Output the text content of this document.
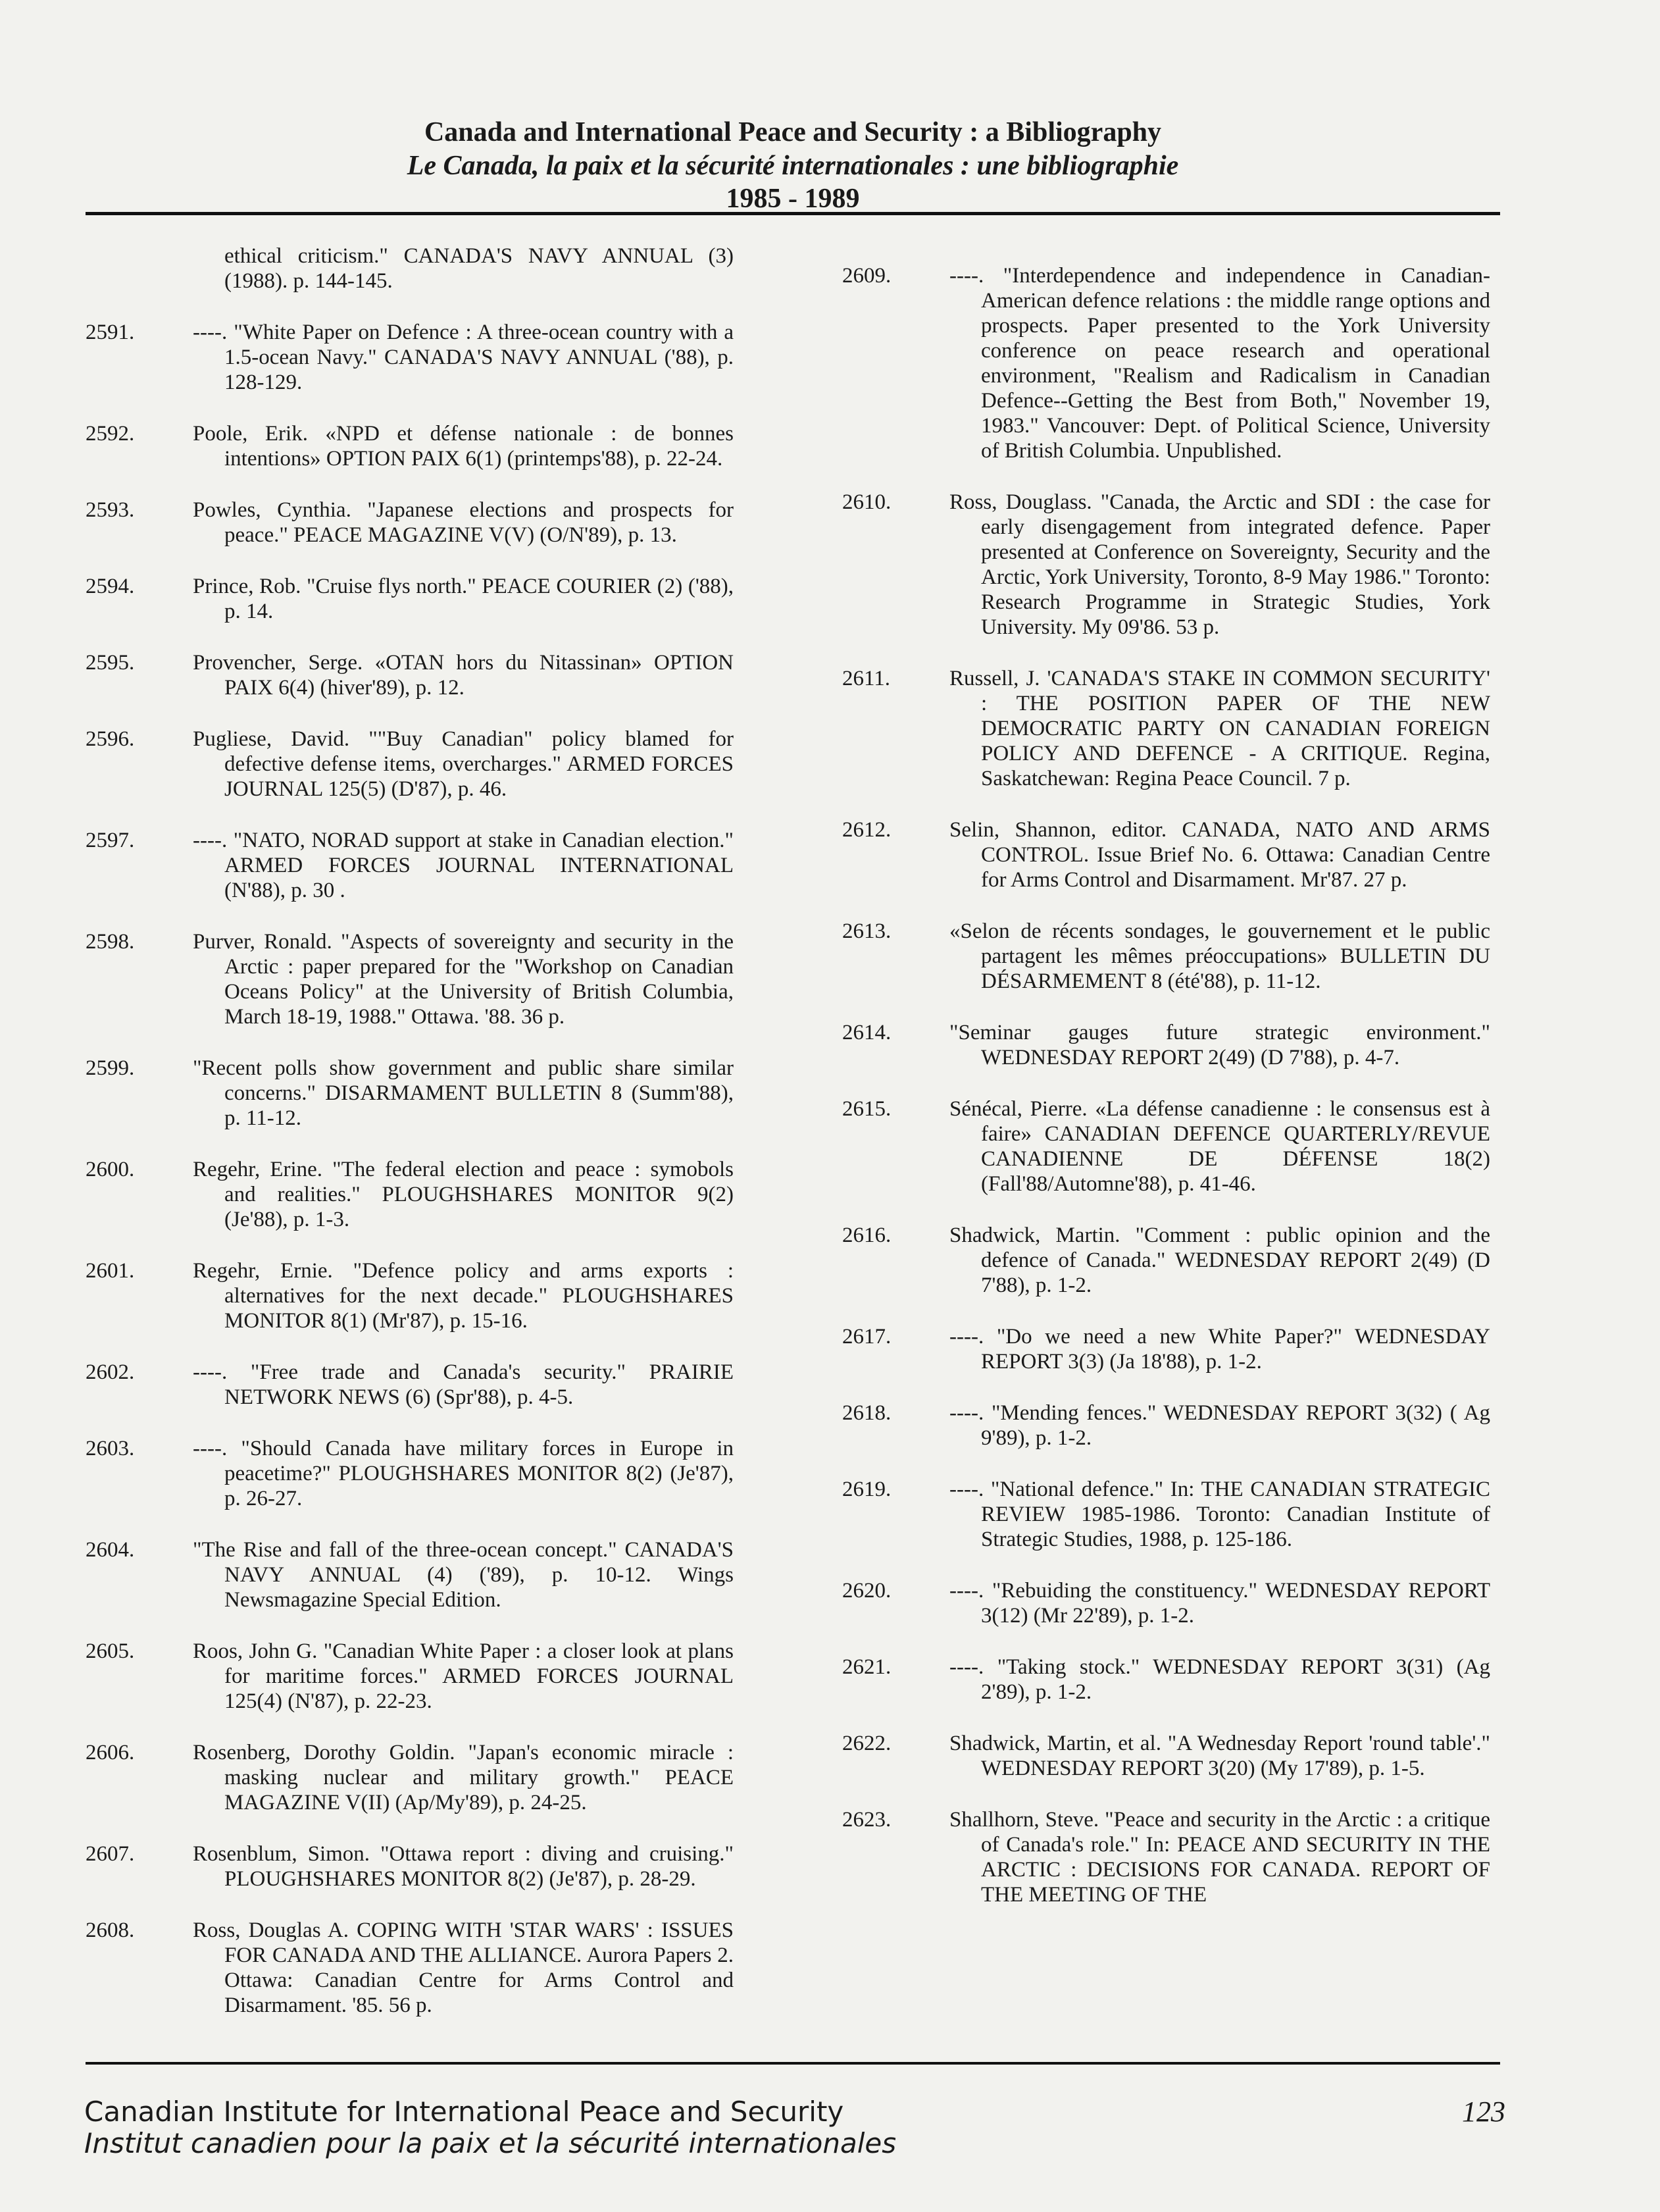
Canada and International Peace and Security : a Bibliography
Le Canada, la paix et la sécurité internationales : une bibliographie
1985 - 1989
ethical criticism." CANADA'S NAVY ANNUAL (3) (1988). p. 144-145.
2591.	----. "White Paper on Defence : A three-ocean country with a 1.5-ocean Navy." CANADA'S NAVY ANNUAL ('88), p. 128-129.
2592.	Poole, Erik. «NPD et défense nationale : de bonnes intentions» OPTION PAIX 6(1) (printemps'88), p. 22-24.
2593.	Powles, Cynthia. "Japanese elections and prospects for peace." PEACE MAGAZINE V(V) (O/N'89), p. 13.
2594.	Prince, Rob. "Cruise flys north." PEACE COURIER (2) ('88), p. 14.
2595.	Provencher, Serge. «OTAN hors du Nitassinan» OPTION PAIX 6(4) (hiver'89), p. 12.
2596.	Pugliese, David. ""Buy Canadian" policy blamed for defective defense items, overcharges." ARMED FORCES JOURNAL 125(5) (D'87), p. 46.
2597.	----. "NATO, NORAD support at stake in Canadian election." ARMED FORCES JOURNAL INTERNATIONAL (N'88), p. 30 .
2598.	Purver, Ronald. "Aspects of sovereignty and security in the Arctic : paper prepared for the "Workshop on Canadian Oceans Policy" at the University of British Columbia, March 18-19, 1988." Ottawa. '88. 36 p.
2599.	"Recent polls show government and public share similar concerns." DISARMAMENT BULLETIN 8 (Summ'88), p. 11-12.
2600.	Regehr, Erine. "The federal election and peace : symobols and realities." PLOUGHSHARES MONITOR 9(2) (Je'88), p. 1-3.
2601.	Regehr, Ernie. "Defence policy and arms exports : alternatives for the next decade." PLOUGHSHARES MONITOR 8(1) (Mr'87), p. 15-16.
2602.	----. "Free trade and Canada's security." PRAIRIE NETWORK NEWS (6) (Spr'88), p. 4-5.
2603.	----. "Should Canada have military forces in Europe in peacetime?" PLOUGHSHARES MONITOR 8(2) (Je'87), p. 26-27.
2604.	"The Rise and fall of the three-ocean concept." CANADA'S NAVY ANNUAL (4) ('89), p. 10-12. Wings Newsmagazine Special Edition.
2605.	Roos, John G. "Canadian White Paper : a closer look at plans for maritime forces." ARMED FORCES JOURNAL 125(4) (N'87), p. 22-23.
2606.	Rosenberg, Dorothy Goldin. "Japan's economic miracle : masking nuclear and military growth." PEACE MAGAZINE V(II) (Ap/My'89), p. 24-25.
2607.	Rosenblum, Simon. "Ottawa report : diving and cruising." PLOUGHSHARES MONITOR 8(2) (Je'87), p. 28-29.
2608.	Ross, Douglas A. COPING WITH 'STAR WARS' : ISSUES FOR CANADA AND THE ALLIANCE. Aurora Papers 2. Ottawa: Canadian Centre for Arms Control and Disarmament. '85. 56 p.
2609.	----. "Interdependence and independence in Canadian-American defence relations : the middle range options and prospects. Paper presented to the York University conference on peace research and operational environment, "Realism and Radicalism in Canadian Defence--Getting the Best from Both," November 19, 1983." Vancouver: Dept. of Political Science, University of British Columbia. Unpublished.
2610.	Ross, Douglass. "Canada, the Arctic and SDI : the case for early disengagement from integrated defence. Paper presented at Conference on Sovereignty, Security and the Arctic, York University, Toronto, 8-9 May 1986." Toronto: Research Programme in Strategic Studies, York University. My 09'86. 53 p.
2611.	Russell, J. 'CANADA'S STAKE IN COMMON SECURITY' : THE POSITION PAPER OF THE NEW DEMOCRATIC PARTY ON CANADIAN FOREIGN POLICY AND DEFENCE - A CRITIQUE. Regina, Saskatchewan: Regina Peace Council. 7 p.
2612.	Selin, Shannon, editor. CANADA, NATO AND ARMS CONTROL. Issue Brief No. 6. Ottawa: Canadian Centre for Arms Control and Disarmament. Mr'87. 27 p.
2613.	«Selon de récents sondages, le gouvernement et le public partagent les mêmes préoccupations» BULLETIN DU DÉSARMEMENT 8 (été'88), p. 11-12.
2614.	"Seminar gauges future strategic environment." WEDNESDAY REPORT 2(49) (D 7'88), p. 4-7.
2615.	Sénécal, Pierre. «La défense canadienne : le consensus est à faire» CANADIAN DEFENCE QUARTERLY/REVUE CANADIENNE DE DÉFENSE 18(2) (Fall'88/Automne'88), p. 41-46.
2616.	Shadwick, Martin. "Comment : public opinion and the defence of Canada." WEDNESDAY REPORT 2(49) (D 7'88), p. 1-2.
2617.	----. "Do we need a new White Paper?" WEDNESDAY REPORT 3(3) (Ja 18'88), p. 1-2.
2618.	----. "Mending fences." WEDNESDAY REPORT 3(32) ( Ag 9'89), p. 1-2.
2619.	----. "National defence." In: THE CANADIAN STRATEGIC REVIEW 1985-1986. Toronto: Canadian Institute of Strategic Studies, 1988, p. 125-186.
2620.	----. "Rebuiding the constituency." WEDNESDAY REPORT 3(12) (Mr 22'89), p. 1-2.
2621.	----. "Taking stock." WEDNESDAY REPORT 3(31) (Ag 2'89), p. 1-2.
2622.	Shadwick, Martin, et al. "A Wednesday Report 'round table'." WEDNESDAY REPORT 3(20) (My 17'89), p. 1-5.
2623.	Shallhorn, Steve. "Peace and security in the Arctic : a critique of Canada's role." In: PEACE AND SECURITY IN THE ARCTIC : DECISIONS FOR CANADA. REPORT OF THE MEETING OF THE
Canadian Institute for International Peace and Security
Institut canadien pour la paix et la sécurité internationales
123
